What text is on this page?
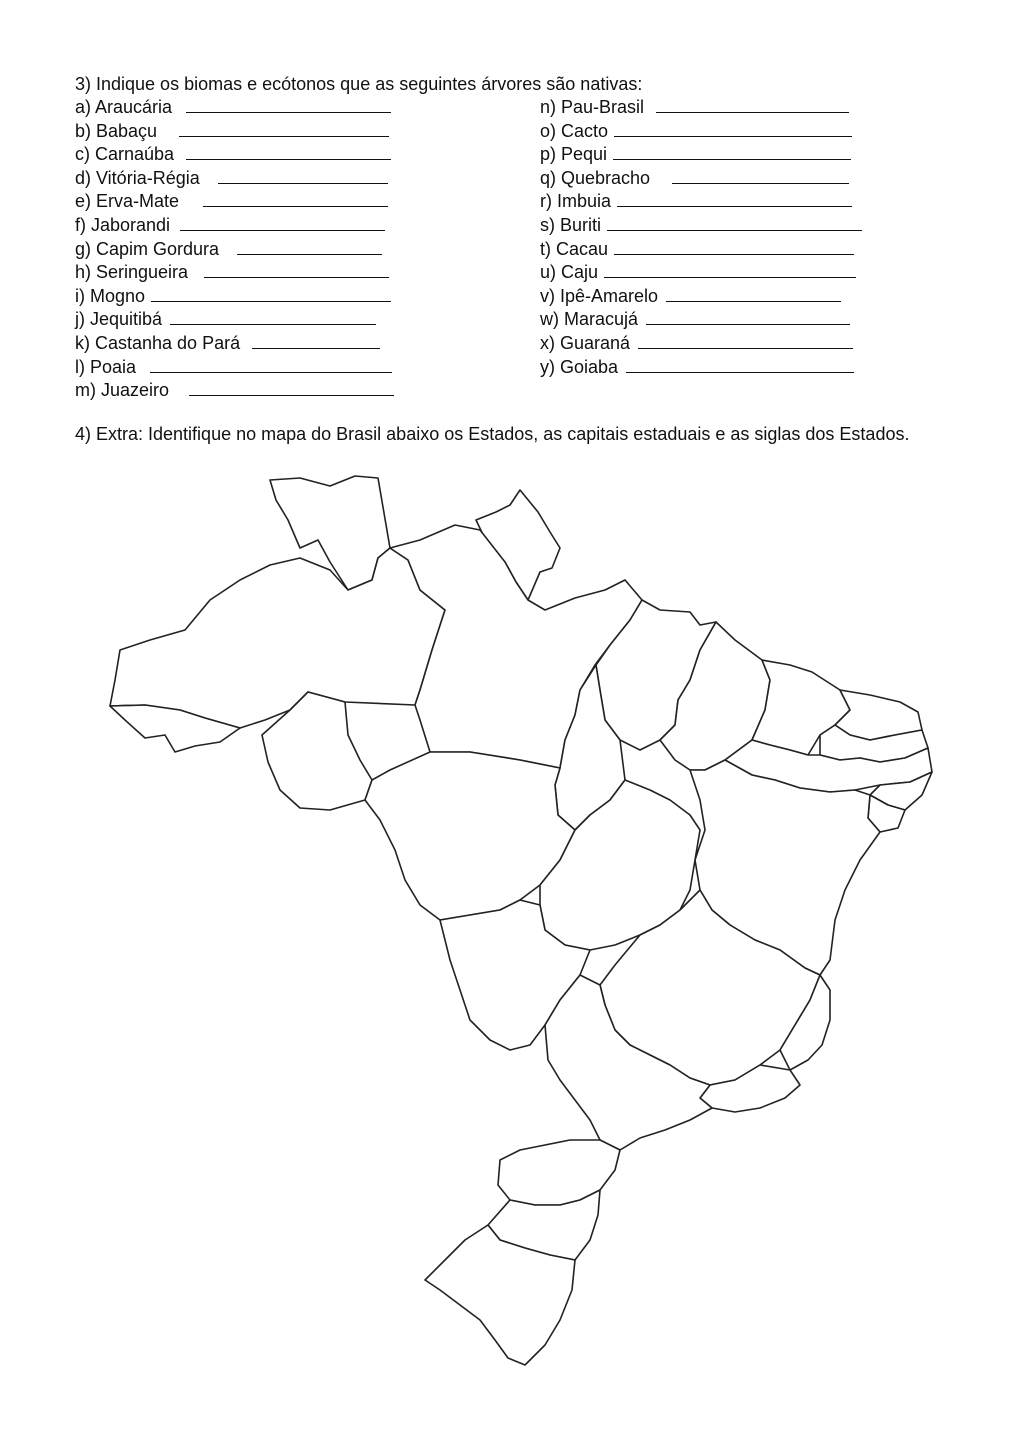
3) Indique os biomas e ecótonos que as seguintes árvores são nativas:
a) Araucária
b) Babaçu
c) Carnaúba
d) Vitória-Régia
e) Erva-Mate
f) Jaborandi
g) Capim Gordura
h) Seringueira
i) Mogno
j) Jequitibá
k) Castanha do Pará
l) Poaia
m) Juazeiro
n) Pau-Brasil
o) Cacto
p) Pequi
q) Quebracho
r) Imbuia
s) Buriti
t) Cacau
u) Caju
v) Ipê-Amarelo
w) Maracujá
x) Guaraná
y) Goiaba
4) Extra: Identifique no mapa do Brasil abaixo os Estados, as capitais estaduais e as siglas dos Estados.
